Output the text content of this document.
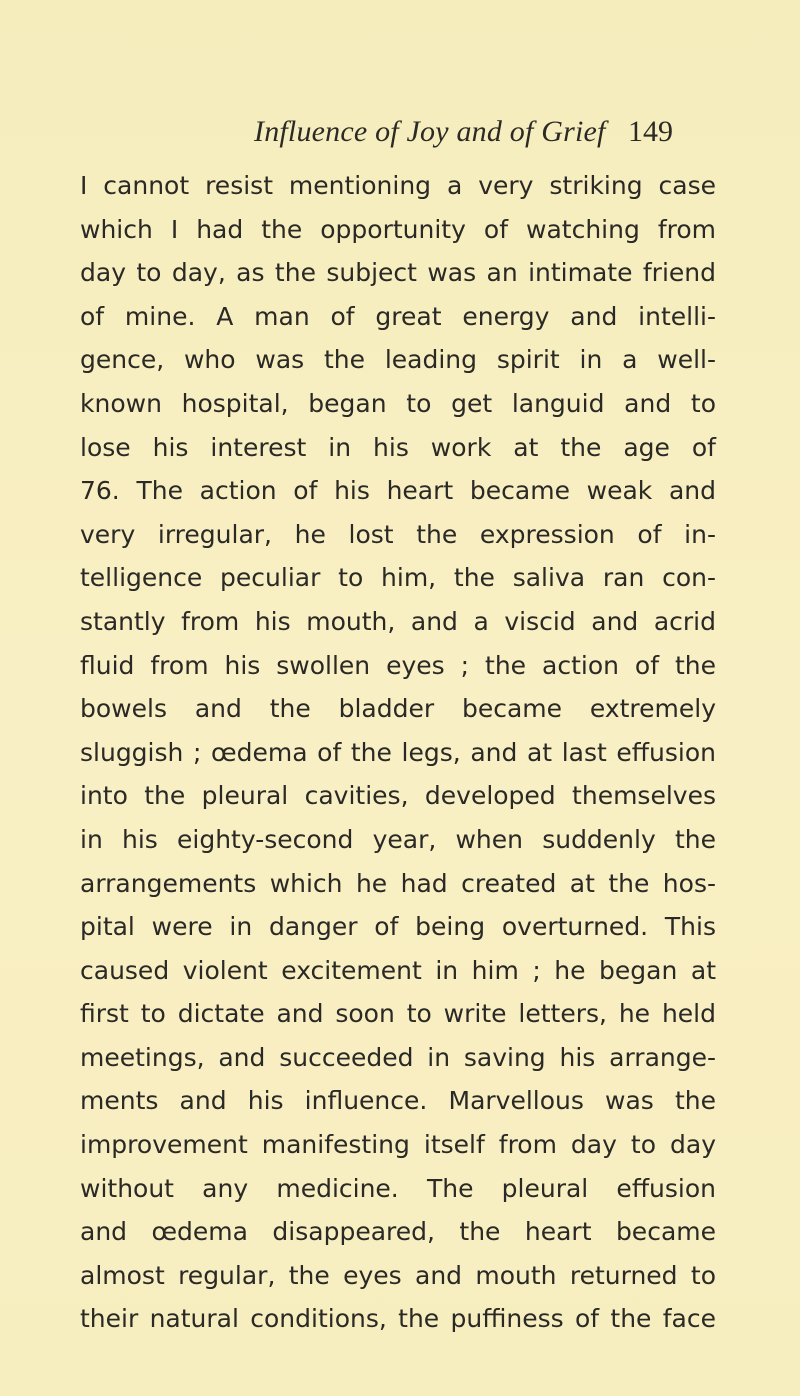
Influence of Joy and of Grief 149
I cannot resist mentioning a very striking case
which I had the opportunity of watching from
day to day, as the subject was an intimate friend
of mine. A man of great energy and intelli-
gence, who was the leading spirit in a well-
known hospital, began to get languid and to
lose his interest in his work at the age of
76. The action of his heart became weak and
very irregular, he lost the expression of in-
telligence peculiar to him, the saliva ran con-
stantly from his mouth, and a viscid and acrid
fluid from his swollen eyes ; the action of the
bowels and the bladder became extremely
sluggish ; œdema of the legs, and at last effusion
into the pleural cavities, developed themselves
in his eighty-second year, when suddenly the
arrangements which he had created at the hos-
pital were in danger of being overturned. This
caused violent excitement in him ; he began at
first to dictate and soon to write letters, he held
meetings, and succeeded in saving his arrange-
ments and his influence. Marvellous was the
improvement manifesting itself from day to day
without any medicine. The pleural effusion
and œdema disappeared, the heart became
almost regular, the eyes and mouth returned to
their natural conditions, the puffiness of the face
